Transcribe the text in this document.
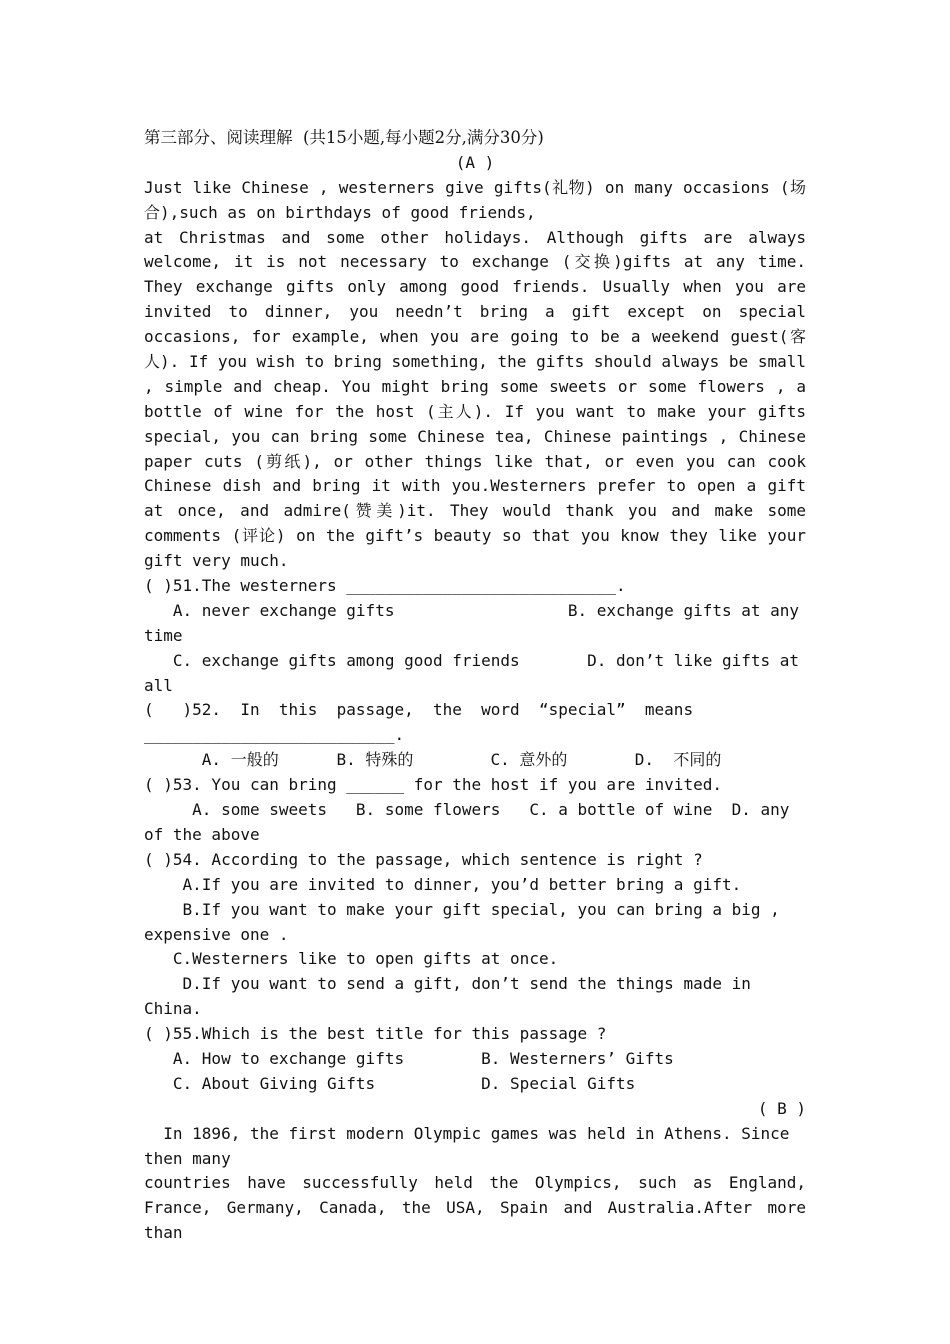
第三部分、阅读理解  (共15小题,每小题2分,满分30分)
(A )
Just like Chinese , westerners give gifts(礼物) on many occasions (场
合),such as on birthdays of good friends,
at Christmas and some other holidays. Although gifts are always
welcome, it is not necessary to exchange (交换)gifts at any time.
They exchange gifts only among good friends. Usually when you are
invited to dinner, you needn’t bring a gift except on special
occasions, for example, when you are going to be a weekend guest(客
人). If you wish to bring something, the gifts should always be small
, simple and cheap. You might bring some sweets or some flowers , a
bottle of wine for the host (主人). If you want to make your gifts
special, you can bring some Chinese tea, Chinese paintings , Chinese
paper cuts (剪纸), or other things like that, or even you can cook
Chinese dish and bring it with you.Westerners prefer to open a gift
at once, and admire(赞美)it. They would thank you and make some
comments (评论) on the gift’s beauty so that you know they like your
gift very much.
( )51.The westerners ____________________________.
A. never exchange gifts                  B. exchange gifts at any
time
C. exchange gifts among good friends       D. don’t like gifts at
all
(   )52.  In  this  passage,  the  word  “special”  means
__________________________.
A. 一般的      B. 特殊的        C. 意外的       D.  不同的
( )53. You can bring ______ for the host if you are invited.
A. some sweets   B. some flowers   C. a bottle of wine  D. any
of the above
( )54. According to the passage, which sentence is right ?
A.If you are invited to dinner, you’d better bring a gift.
B.If you want to make your gift special, you can bring a big ,
expensive one .
C.Westerners like to open gifts at once.
D.If you want to send a gift, don’t send the things made in
China.
( )55.Which is the best title for this passage ?
A. How to exchange gifts        B. Westerners’ Gifts
C. About Giving Gifts           D. Special Gifts
( B )
In 1896, the first modern Olympic games was held in Athens. Since
then many
countries have successfully held the Olympics, such as England,
France, Germany, Canada, the USA, Spain and Australia.After more than
